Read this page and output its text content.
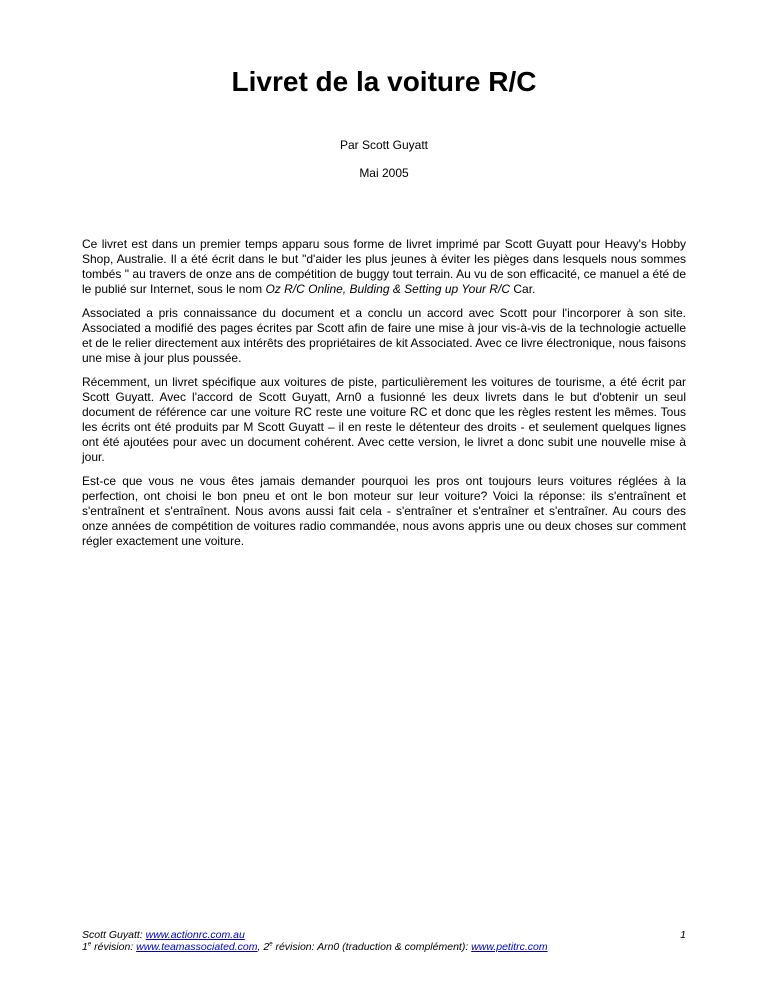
Livret de la voiture R/C

Par Scott Guyatt

Mai 2005

Ce livret est dans un premier temps apparu sous forme de livret imprimé par Scott Guyatt pour Heavy's Hobby Shop, Australie. Il a été écrit dans le but "d'aider les plus jeunes à éviter les pièges dans lesquels nous sommes tombés " au travers de onze ans de compétition de buggy tout terrain. Au vu de son efficacité, ce manuel a été de le publié sur Internet, sous le nom Oz R/C Online, Bulding & Setting up Your R/C Car.

Associated a pris connaissance du document et a conclu un accord avec Scott pour l'incorporer à son site. Associated a modifié des pages écrites par Scott afin de faire une mise à jour vis-à-vis de la technologie actuelle et de le relier directement aux intérêts des propriétaires de kit Associated. Avec ce livre électronique, nous faisons une mise à jour plus poussée.

Récemment, un livret spécifique aux voitures de piste, particulièrement les voitures de tourisme, a été écrit par Scott Guyatt. Avec l'accord de Scott Guyatt, Arn0 a fusionné les deux livrets dans le but d'obtenir un seul document de référence car une voiture RC reste une voiture RC et donc que les règles restent les mêmes. Tous les écrits ont été produits par M Scott Guyatt – il en reste le détenteur des droits - et seulement quelques lignes ont été ajoutées pour avec un document cohérent. Avec cette version, le livret a donc subit une nouvelle mise à jour.

Est-ce que vous ne vous êtes jamais demander pourquoi les pros ont toujours leurs voitures réglées à la perfection, ont choisi le bon pneu et ont le bon moteur sur leur voiture? Voici la réponse: ils s'entraînent et s'entraînent et s'entraînent. Nous avons aussi fait cela - s'entraîner et s'entraîner et s'entraîner. Au cours des onze années de compétition de voitures radio commandée, nous avons appris une ou deux choses sur comment régler exactement une voiture.

Scott Guyatt: www.actionrc.com.au
1e révision: www.teamassociated.com, 2e révision: Arn0 (traduction & complément): www.petitrc.com
1
